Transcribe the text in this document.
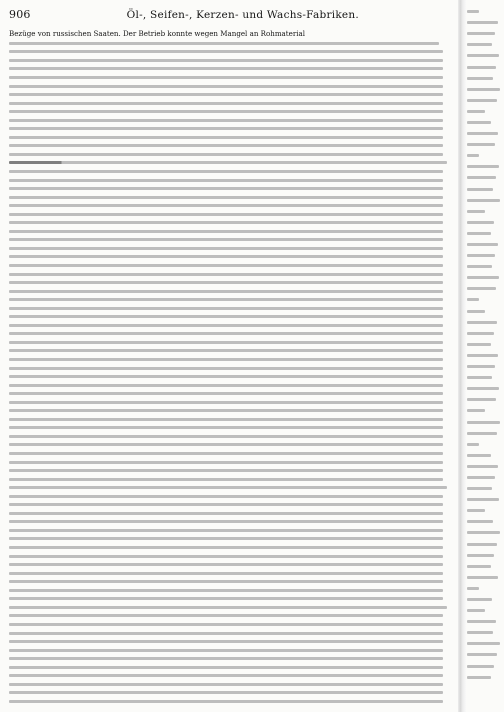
906	Öl-, Seifen-, Kerzen- und Wachs-Fabriken.
Bezüge von russischen Saaten. Der Betrieb konnte wegen Mangel an Rohmaterial
